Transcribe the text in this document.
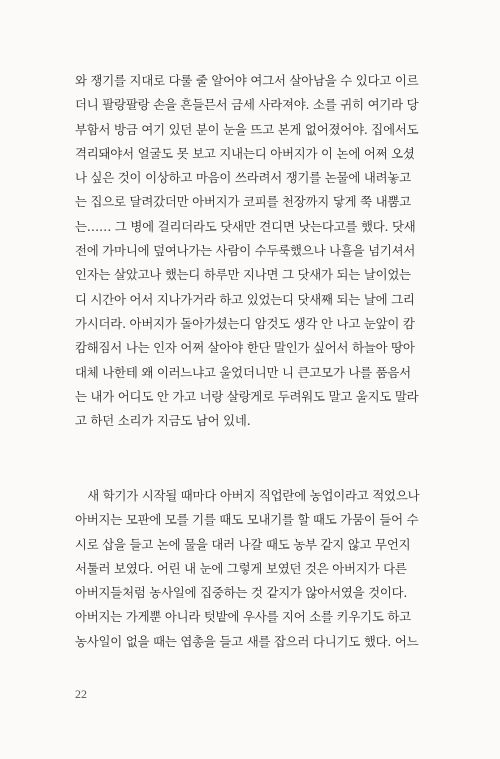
와 쟁기를 지대로 다룰 줄 알어야 여그서 살아남을 수 있다고 이르
더니 팔랑팔랑 손을 흔들믄서 금세 사라져야. 소를 귀히 여기라 당
부함서 방금 여기 있던 분이 눈을 뜨고 본게 없어졌어야. 집에서도
격리돼야서 얼굴도 못 보고 지내는디 아버지가 이 논에 어쩌 오셨
나 싶은 것이 이상하고 마음이 쓰라려서 쟁기를 논물에 내려놓고
는 집으로 달려갔더만 아버지가 코피를 천장까지 닿게 쭉 내뿜고
는…… 그 병에 걸리더라도 닷새만 견디면 낫는다고를 했다. 닷새
전에 가마니에 덮여나가는 사람이 수두룩했으나 나흘을 넘기셔서
인자는 살았고나 했는디 하루만 지나면 그 닷새가 되는 날이었는
디 시간아 어서 지나가거라 하고 있었는디 닷새째 되는 날에 그리
가시더라. 아버지가 돌아가셨는디 암것도 생각 안 나고 눈앞이 캄
캄해짐서 나는 인자 어쩌 살아야 한단 말인가 싶어서 하늘아 땅아
대체 나한테 왜 이러느냐고 울었더니만 니 큰고모가 나를 품음서
는 내가 어디도 안 가고 너랑 살랑게로 두려워도 말고 울지도 말라
고 하던 소리가 지금도 남어 있네.
　새 학기가 시작될 때마다 아버지 직업란에 농업이라고 적었으나
아버지는 모판에 모를 기를 때도 모내기를 할 때도 가뭄이 들어 수
시로 삽을 들고 논에 물을 대러 나갈 때도 농부 같지 않고 무언지
서툴러 보였다. 어린 내 눈에 그렇게 보였던 것은 아버지가 다른
아버지들처럼 농사일에 집중하는 것 같지가 않아서였을 것이다.
아버지는 가게뿐 아니라 텃밭에 우사를 지어 소를 키우기도 하고
농사일이 없을 때는 엽총을 들고 새를 잡으러 다니기도 했다. 어느
22
